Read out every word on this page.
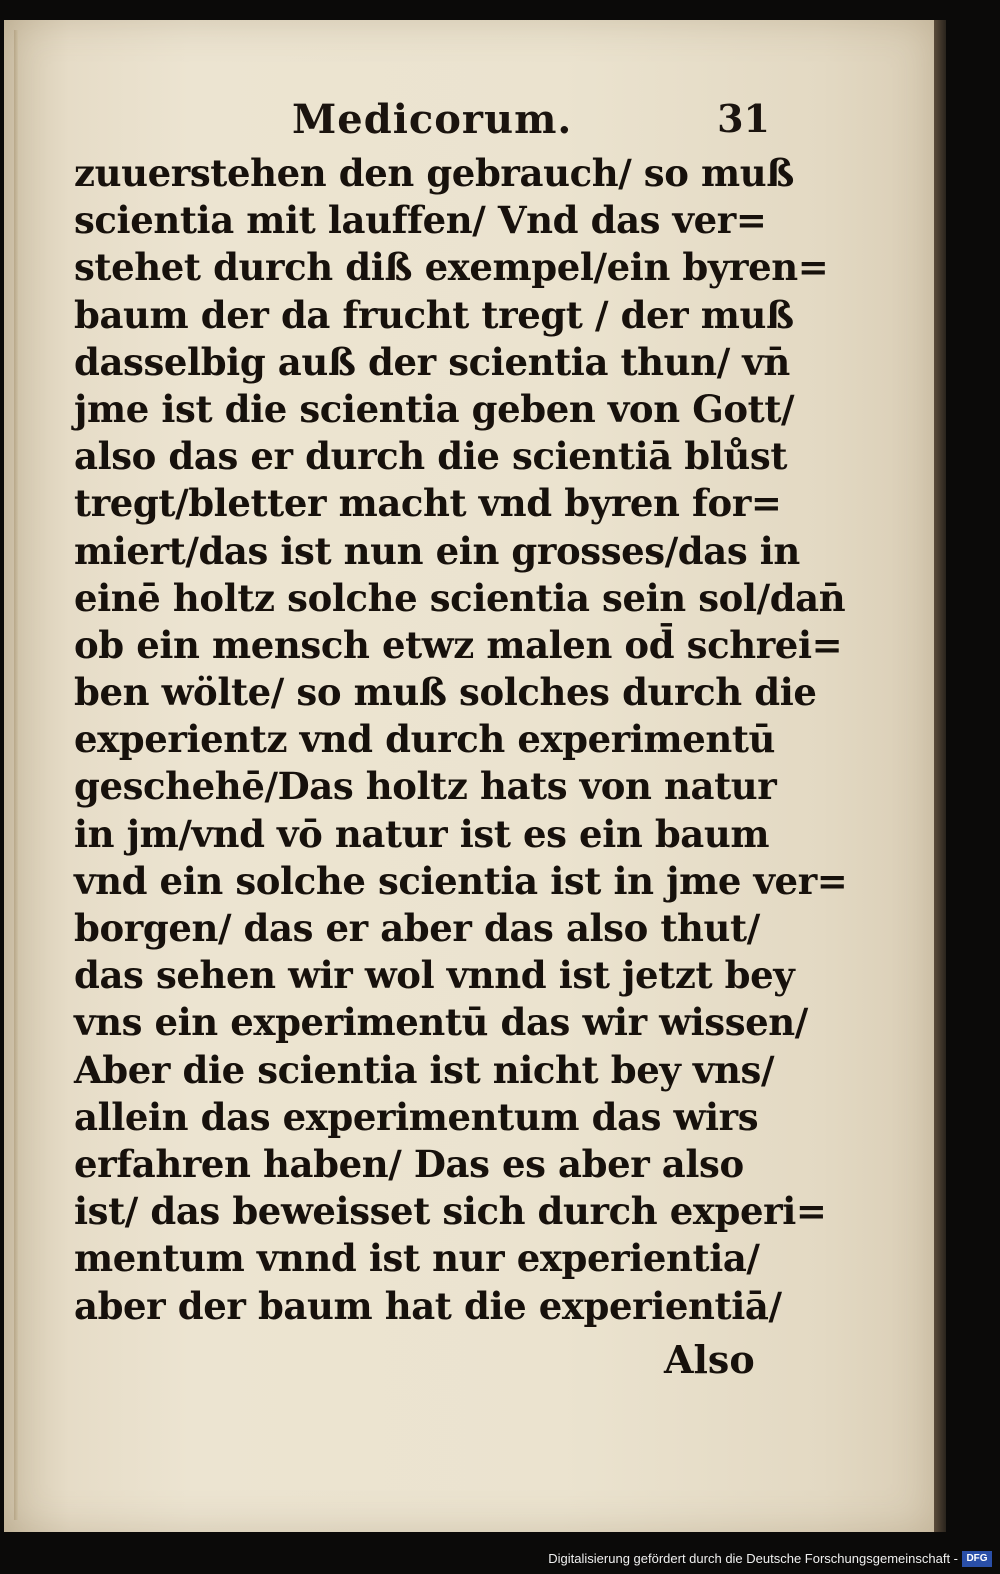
Medicorum.	31
zuuerstehen den gebrauch/ so muß
scientia mit lauffen/ Vnd das ver=
stehet durch diß exempel/ein byren=
baum der da frucht tregt / der muß
dasselbig auß der scientia thun/ vn̄
jme ist die scientia geben von Gott/
also das er durch die scientiā blůst
tregt/bletter macht vnd byren for=
miert/das ist nun ein grosses/das in
einē holtz solche scientia sein sol/dan̄
ob ein mensch etwz malen od̄ schrei=
ben wölte/ so muß solches durch die
experientz vnd durch experimentū
geschehē/Das holtz hats von natur
in jm/vnd vō natur ist es ein baum
vnd ein solche scientia ist in jme ver=
borgen/ das er aber das also thut/
das sehen wir wol vnnd ist jetzt bey
vns ein experimentū das wir wissen/
Aber die scientia ist nicht bey vns/
allein das experimentum das wirs
erfahren haben/ Das es aber also
ist/ das beweisset sich durch experi=
mentum vnnd ist nur experientia/
aber der baum hat die experientiā/
Also
Digitalisierung gefördert durch die Deutsche Forschungsgemeinschaft - DFG
